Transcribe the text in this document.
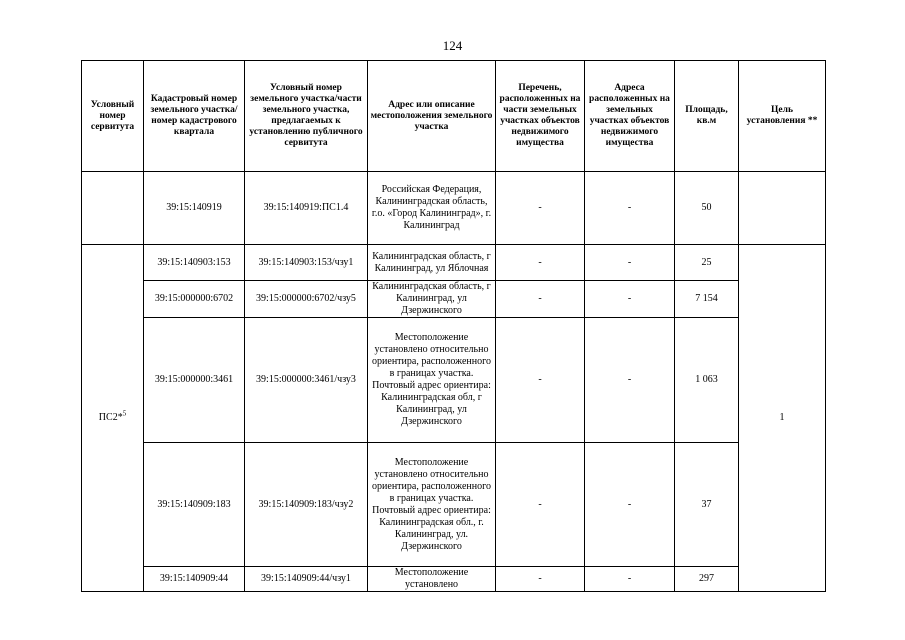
124
Условный номер сервитута	Кадастровый номер земельного участка/номер кадастрового квартала	Условный номер земельного участка/части земельного участка, предлагаемых к установлению публичного сервитута	Адрес или описание местоположения земельного участка	Перечень, расположенных на части земельных участках объектов недвижимого имущества	Адреса расположенных на земельных участках объектов недвижимого имущества	Площадь, кв.м	Цель установления **
	39:15:140919	39:15:140919:ПС1.4	Российская Федерация, Калининградская область, г.о. «Город Калининград», г. Калининград	-	-	50	
ПС2*$^5$	39:15:140903:153	39:15:140903:153/чзу1	Калининградская область, г Калининград, ул Яблочная	-	-	25	1
	39:15:000000:6702	39:15:000000:6702/чзу5	Калининградская область, г Калининград, ул Дзержинского	-	-	7 154	
	39:15:000000:3461	39:15:000000:3461/чзу3	Местоположение установлено относительно ориентира, расположенного в границах участка. Почтовый адрес ориентира: Калининградская обл, г Калининград, ул Дзержинского	-	-	1 063	
	39:15:140909:183	39:15:140909:183/чзу2	Местоположение установлено относительно ориентира, расположенного в границах участка. Почтовый адрес ориентира: Калининградская обл., г. Калининград, ул. Дзержинского	-	-	37	
	39:15:140909:44	39:15:140909:44/чзу1	Местоположение установлено	-	-	297	
